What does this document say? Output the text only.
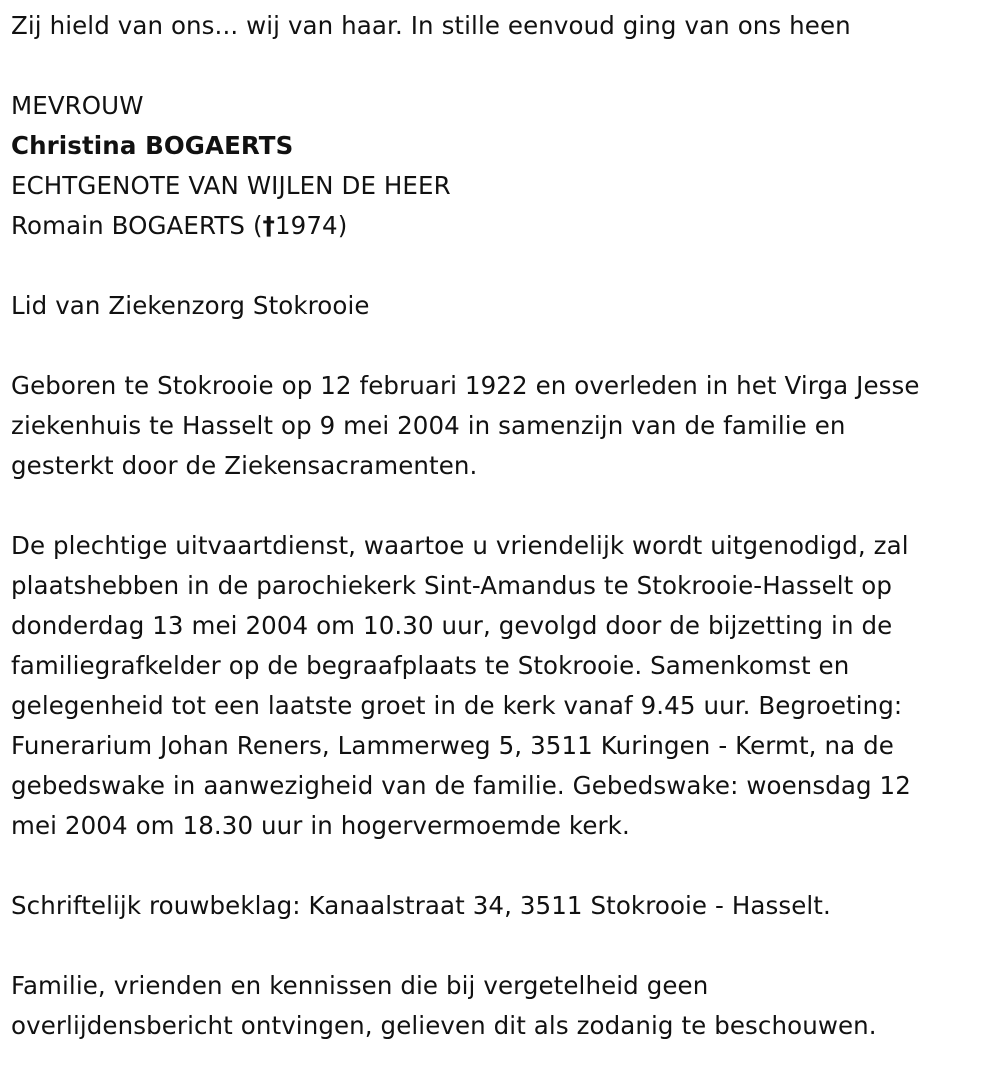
Zij hield van ons... wij van haar. In stille eenvoud ging van ons heen
MEVROUW
Christina BOGAERTS
ECHTGENOTE VAN WIJLEN DE HEER
Romain BOGAERTS (†1974)
Lid van Ziekenzorg Stokrooie
Geboren te Stokrooie op 12 februari 1922 en overleden in het Virga Jesse
ziekenhuis te Hasselt op 9 mei 2004 in samenzijn van de familie en
gesterkt door de Ziekensacramenten.
De plechtige uitvaartdienst, waartoe u vriendelijk wordt uitgenodigd, zal
plaatshebben in de parochiekerk Sint-Amandus te Stokrooie-Hasselt op
donderdag 13 mei 2004 om 10.30 uur, gevolgd door de bijzetting in de
familiegrafkelder op de begraafplaats te Stokrooie. Samenkomst en
gelegenheid tot een laatste groet in de kerk vanaf 9.45 uur. Begroeting:
Funerarium Johan Reners, Lammerweg 5, 3511 Kuringen - Kermt, na de
gebedswake in aanwezigheid van de familie. Gebedswake: woensdag 12
mei 2004 om 18.30 uur in hogervermoemde kerk.
Schriftelijk rouwbeklag: Kanaalstraat 34, 3511 Stokrooie - Hasselt.
Familie, vrienden en kennissen die bij vergetelheid geen
overlijdensbericht ontvingen, gelieven dit als zodanig te beschouwen.
